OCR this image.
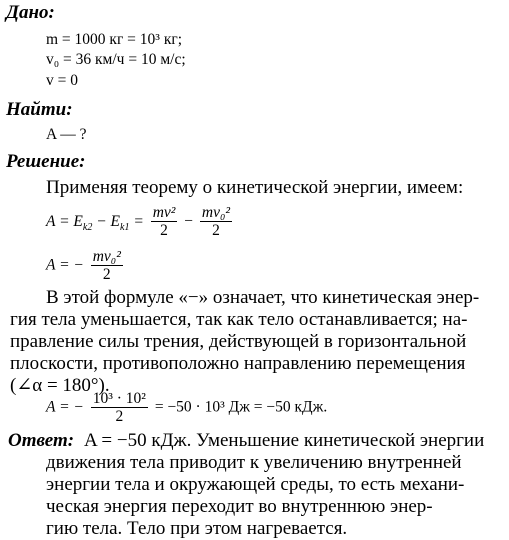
Дано:
m = 1000 кг = 10³ кг;
v₀ = 36 км/ч = 10 м/с;
v = 0
Найти:
A — ?
Решение:
Применяя теорему о кинетической энергии, имеем:
$A = E_{k2} - E_{k1} = \frac{\text{mv²}}{2} - \frac{\text{mv₀²}}{2}$
A = − $\frac{\text{mv₀²}}{2}$
В этой формуле «−» означает, что кинетическая энер-
гия тела уменьшается, так как тело останавливается; на-
правление силы трения, действующей в горизонтальной
плоскости, противоположно направлению перемещения
(∠α = 180°).
A = − $\frac{\text{10³ · 10²}}{2} = -50 \cdot 10^3$ Дж = −50 кДж.
Ответ: A = −50 кДж. Уменьшение кинетической энергии
движения тела приводит к увеличению внутренней
энергии тела и окружающей среды, то есть механи-
ческая энергия переходит во внутреннюю энер-
гию тела. Тело при этом нагревается.
